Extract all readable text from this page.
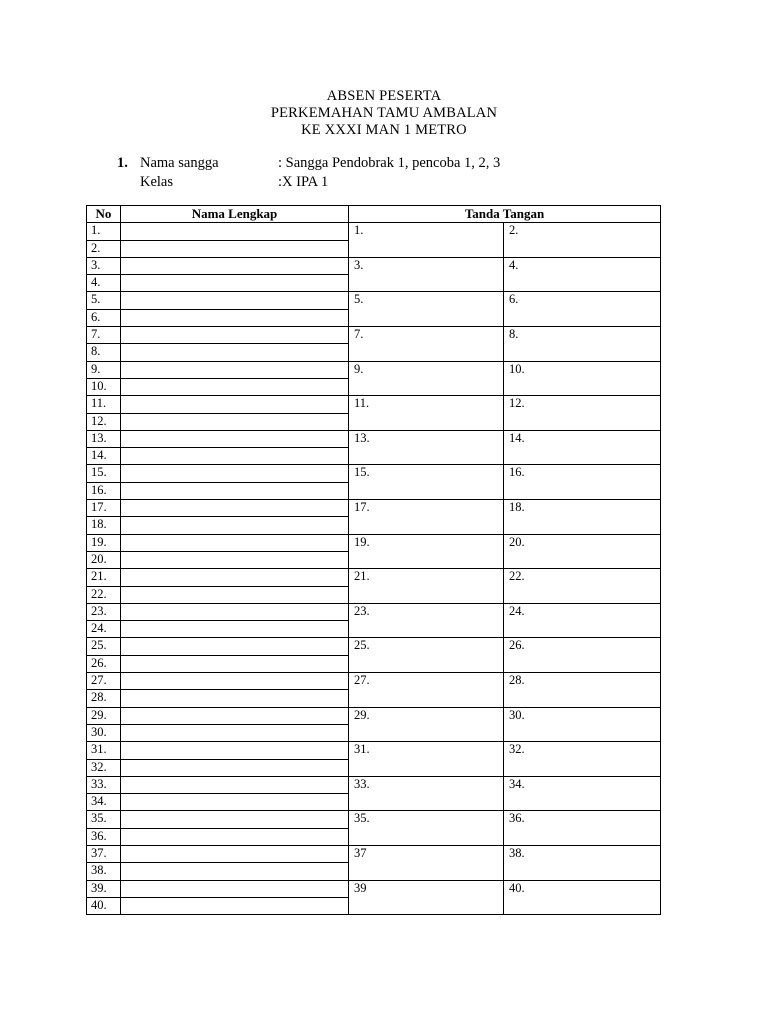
ABSEN PESERTA
PERKEMAHAN TAMU AMBALAN
KE XXXI MAN 1 METRO
1. Nama sangga	: Sangga Pendobrak 1, pencoba 1, 2, 3
Kelas	:X IPA 1
No	Nama Lengkap	Tanda Tangan	
1.		1.	2.
2.			
3.		3.	4.
4.			
5.		5.	6.
6.			
7.		7.	8.
8.			
9.		9.	10.
10.			
11.		11.	12.
12.			
13.		13.	14.
14.			
15.		15.	16.
16.			
17.		17.	18.
18.			
19.		19.	20.
20.			
21.		21.	22.
22.			
23.		23.	24.
24.			
25.		25.	26.
26.			
27.		27.	28.
28.			
29.		29.	30.
30.			
31.		31.	32.
32.			
33.		33.	34.
34.			
35.		35.	36.
36.			
37.		37	38.
38.			
39.		39	40.
40.			
